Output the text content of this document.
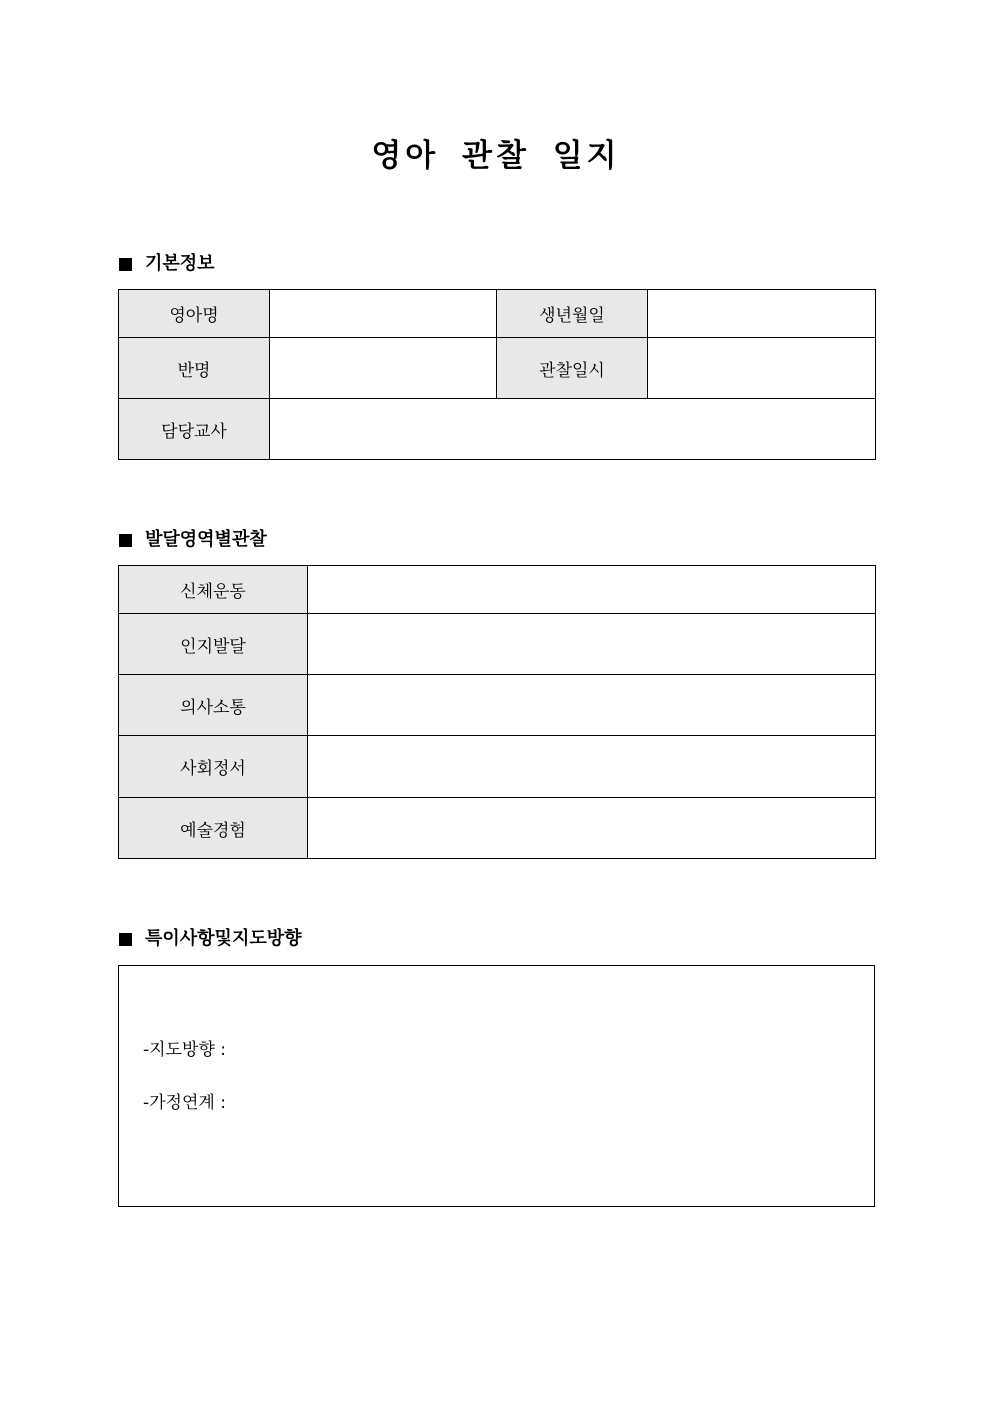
영아 관찰 일지
기본정보
영아명		생년월일	
반명		관찰일시	
담당교사			
발달영역별관찰
신체운동	
인지발달	
의사소통	
사회정서	
예술경험	
특이사항및지도방향
-지도방향 :
-가정연계 :
